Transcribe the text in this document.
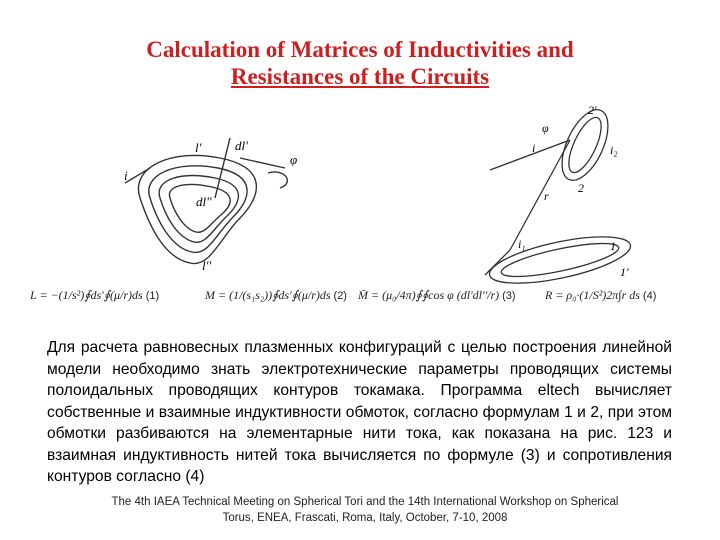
Calculation of Matrices of Inductivities and
Resistances of the Circuits
dl'
φ
l'
i
dl''
l''
φ
i
2'
i₂
2
r
i₁	1
1'
L = −(1/s²)∮ds'∮(μ/r)ds (1)	M = (1/(s₁s₂))∮ds'∮(μ/r)ds (2) M̄ = (μ₀/4π)∮∮cos φ (dl'dl''/r) (3) R = ρ₀·(1/S²)2π∫r ds (4)
Для расчета равновесных плазменных конфигураций с целью построения линейной модели необходимо знать электротехнические параметры проводящих системы полоидальных проводящих контуров токамака. Программа eltech вычисляет собственные и взаимные индуктивности обмоток, согласно формулам 1 и 2, при этом обмотки разбиваются на элементарные нити тока, как показана на рис. 123 и взаимная индуктивность нитей тока вычисляется по формуле (3) и сопротивления контуров согласно (4)
The 4th IAEA Technical Meeting on Spherical Tori and the 14th International Workshop on Spherical
Torus, ENEA, Frascati, Roma, Italy, October, 7-10, 2008
